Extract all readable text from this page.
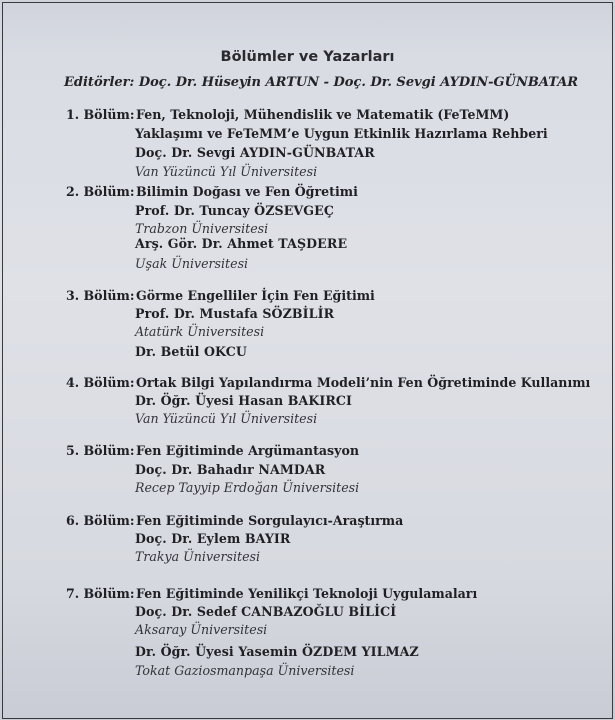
Bölümler ve Yazarları
Editörler: Doç. Dr. Hüseyin ARTUN - Doç. Dr. Sevgi AYDIN-GÜNBATAR
1. Bölüm: Fen, Teknoloji, Mühendislik ve Matematik (FeTeMM)
Yaklaşımı ve FeTeMM’e Uygun Etkinlik Hazırlama Rehberi
Doç. Dr. Sevgi AYDIN-GÜNBATAR
Van Yüzüncü Yıl Üniversitesi
2. Bölüm: Bilimin Doğası ve Fen Öğretimi
Prof. Dr. Tuncay ÖZSEVGEÇ
Trabzon Üniversitesi
Arş. Gör. Dr. Ahmet TAŞDERE
Uşak Üniversitesi
3. Bölüm: Görme Engelliler İçin Fen Eğitimi
Prof. Dr. Mustafa SÖZBİLİR
Atatürk Üniversitesi
Dr. Betül OKCU
4. Bölüm: Ortak Bilgi Yapılandırma Modeli’nin Fen Öğretiminde Kullanımı
Dr. Öğr. Üyesi Hasan BAKIRCI
Van Yüzüncü Yıl Üniversitesi
5. Bölüm: Fen Eğitiminde Argümantasyon
Doç. Dr. Bahadır NAMDAR
Recep Tayyip Erdoğan Üniversitesi
6. Bölüm: Fen Eğitiminde Sorgulayıcı-Araştırma
Doç. Dr. Eylem BAYIR
Trakya Üniversitesi
7. Bölüm: Fen Eğitiminde Yenilikçi Teknoloji Uygulamaları
Doç. Dr. Sedef CANBAZOĞLU BİLİCİ
Aksaray Üniversitesi
Dr. Öğr. Üyesi Yasemin ÖZDEM YILMAZ
Tokat Gaziosmanpaşa Üniversitesi
